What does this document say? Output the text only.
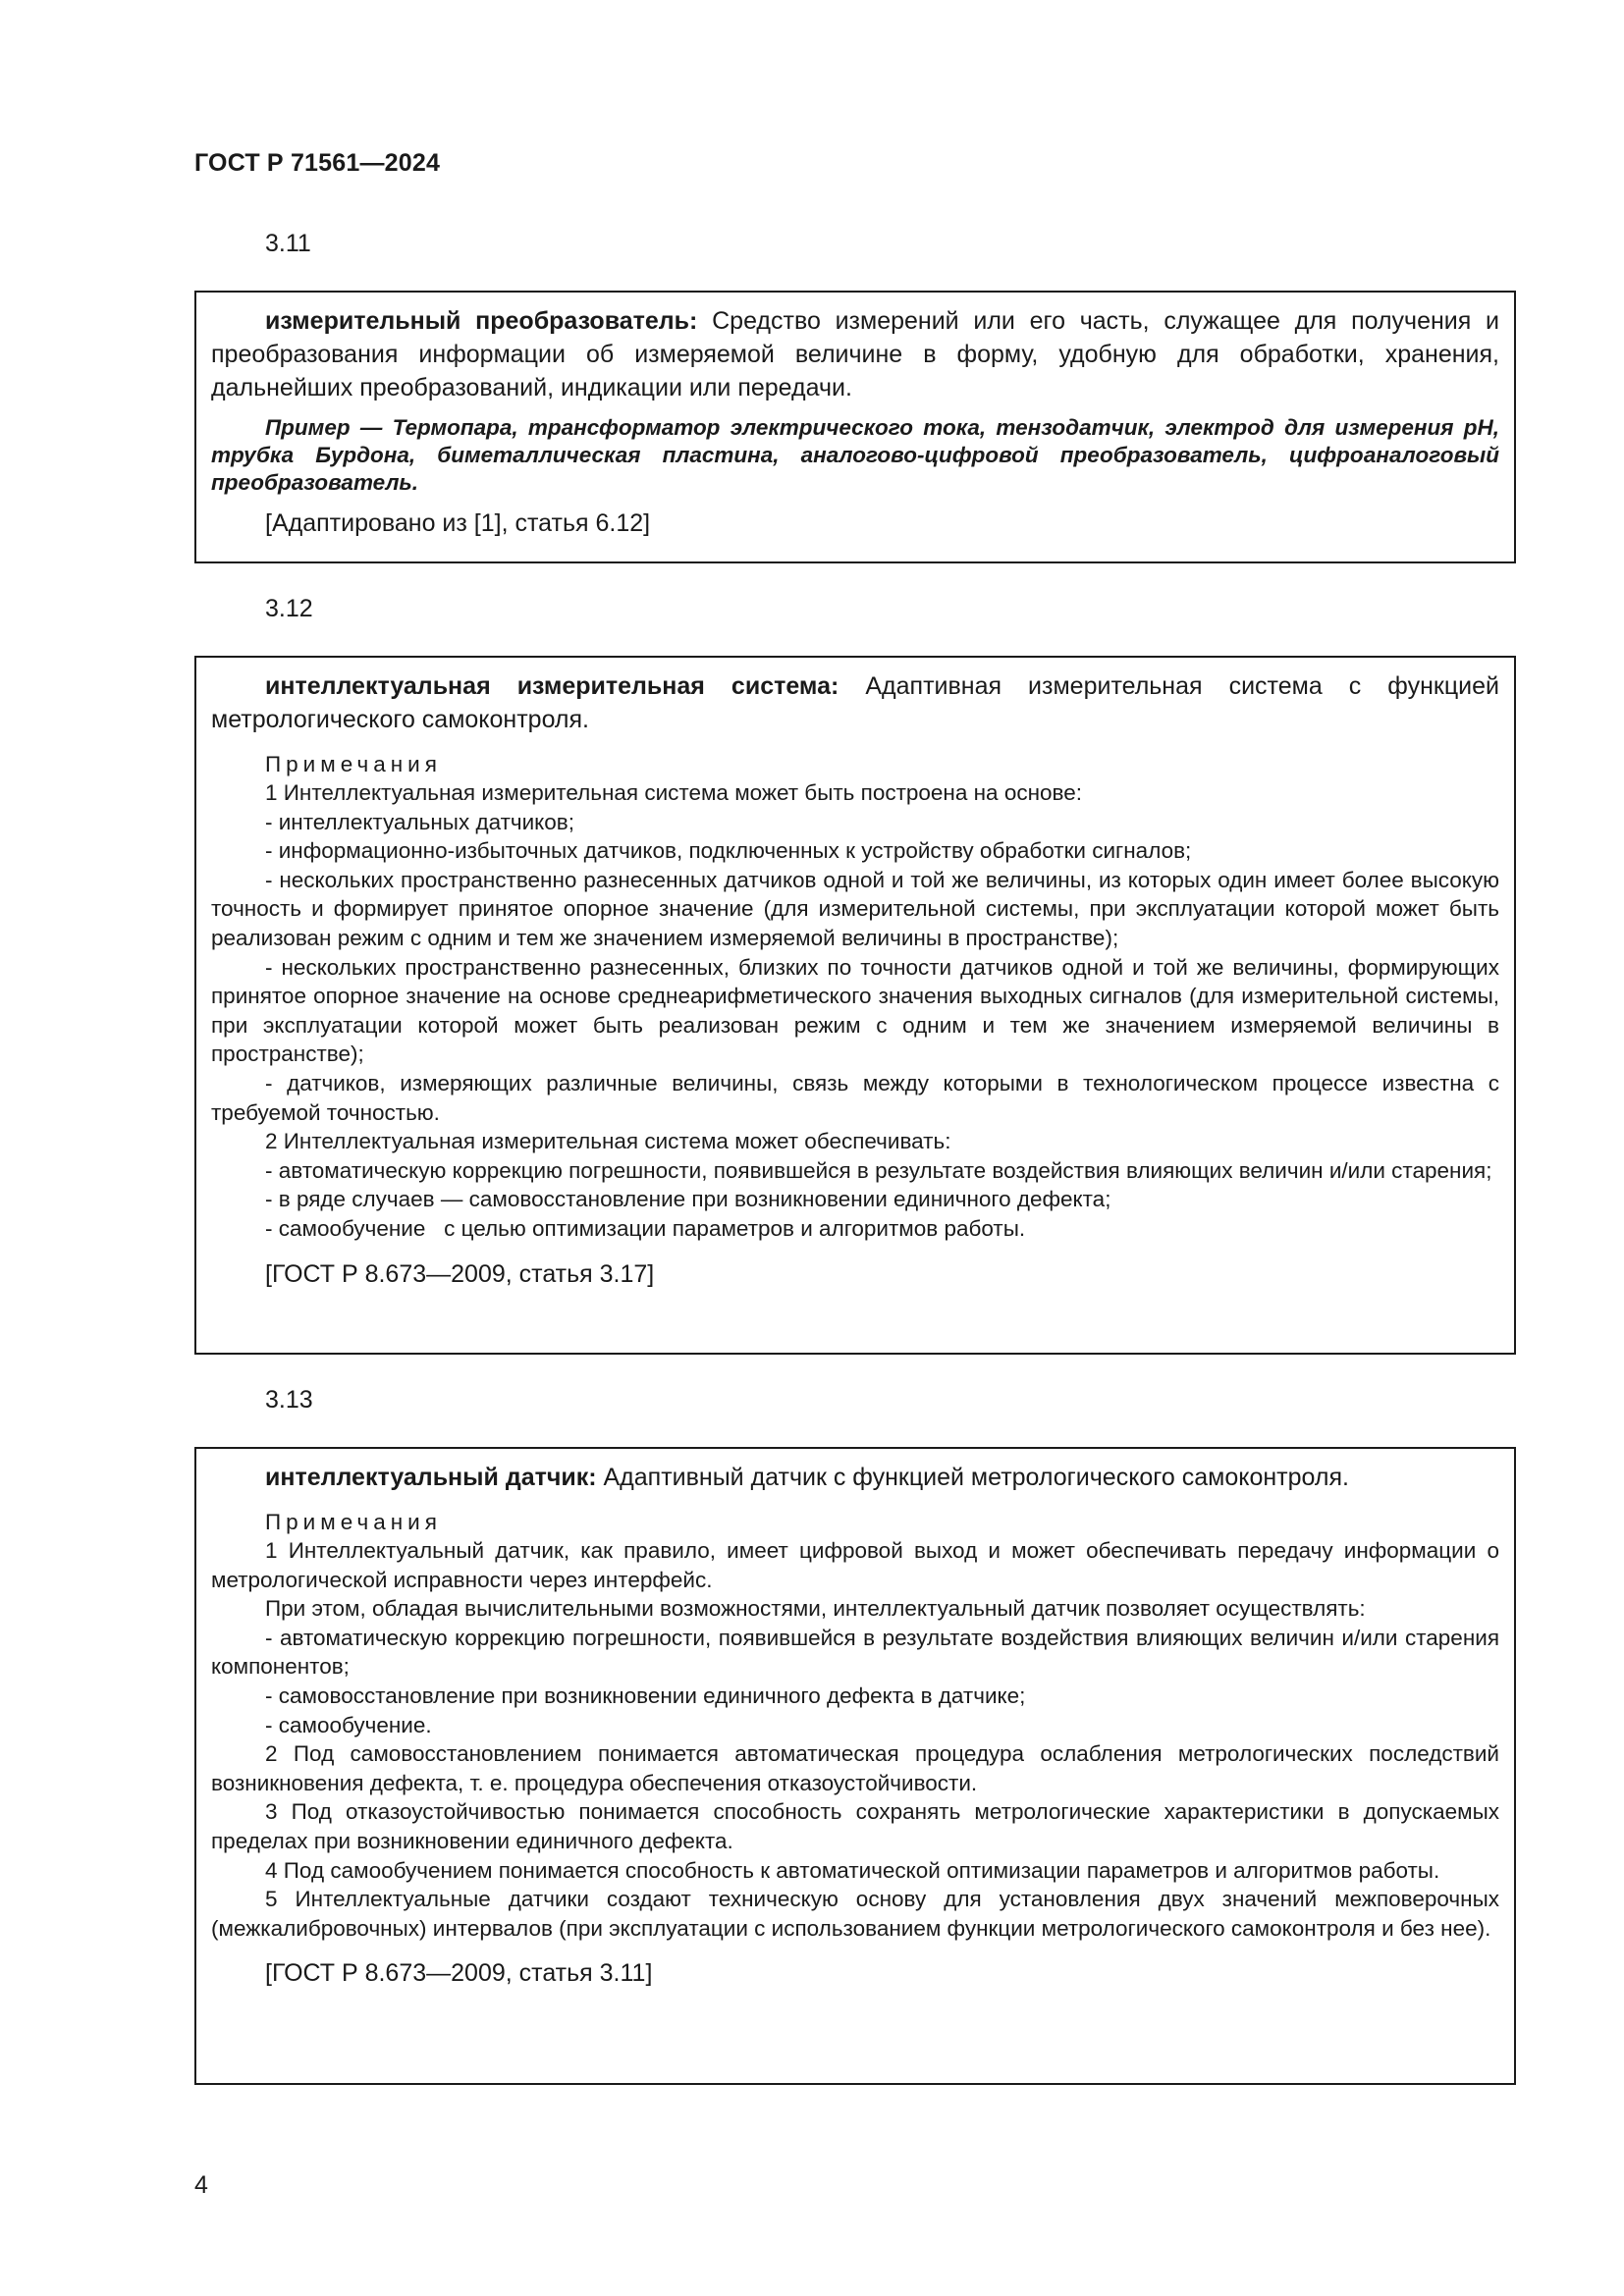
ГОСТ Р 71561—2024
3.11

измерительный преобразователь: Средство измерений или его часть, служащее для получения и преобразования информации об измеряемой величине в форму, удобную для обработки, хранения, дальнейших преобразований, индикации или передачи.

Пример — Термопара, трансформатор электрического тока, тензодатчик, электрод для измерения pH, трубка Бурдона, биметаллическая пластина, аналогово-цифровой преобразователь, цифроаналоговый преобразователь.

[Адаптировано из [1], статья 6.12]

3.12

интеллектуальная измерительная система: Адаптивная измерительная система с функцией метрологического самоконтроля.

Примечания

1 Интеллектуальная измерительная система может быть построена на основе:

- интеллектуальных датчиков;

- информационно-избыточных датчиков, подключенных к устройству обработки сигналов;

- нескольких пространственно разнесенных датчиков одной и той же величины, из которых один имеет более высокую точность и формирует принятое опорное значение (для измерительной системы, при эксплуатации которой может быть реализован режим с одним и тем же значением измеряемой величины в пространстве);

- нескольких пространственно разнесенных, близких по точности датчиков одной и той же величины, формирующих принятое опорное значение на основе среднеарифметического значения выходных сигналов (для измерительной системы, при эксплуатации которой может быть реализован режим с одним и тем же значением измеряемой величины в пространстве);

- датчиков, измеряющих различные величины, связь между которыми в технологическом процессе известна с требуемой точностью.

2 Интеллектуальная измерительная система может обеспечивать:

- автоматическую коррекцию погрешности, появившейся в результате воздействия влияющих величин и/или старения;

- в ряде случаев — самовосстановление при возникновении единичного дефекта;

- самообучение   с целью оптимизации параметров и алгоритмов работы.

[ГОСТ Р 8.673—2009, статья 3.17]

3.13

интеллектуальный датчик: Адаптивный датчик с функцией метрологического самоконтроля.

Примечания

1 Интеллектуальный датчик, как правило, имеет цифровой выход и может обеспечивать передачу информации о метрологической исправности через интерфейс.

При этом, обладая вычислительными возможностями, интеллектуальный датчик позволяет осуществлять:

- автоматическую коррекцию погрешности, появившейся в результате воздействия влияющих величин и/или старения компонентов;

- самовосстановление при возникновении единичного дефекта в датчике;

- самообучение.

2 Под самовосстановлением понимается автоматическая процедура ослабления метрологических последствий возникновения дефекта, т. е. процедура обеспечения отказоустойчивости.

3 Под отказоустойчивостью понимается способность сохранять метрологические характеристики в допускаемых пределах при возникновении единичного дефекта.

4 Под самообучением понимается способность к автоматической оптимизации параметров и алгоритмов работы.

5 Интеллектуальные датчики создают техническую основу для установления двух значений межповерочных (межкалибровочных) интервалов (при эксплуатации с использованием функции метрологического самоконтроля и без нее).

[ГОСТ Р 8.673—2009, статья 3.11]

4
